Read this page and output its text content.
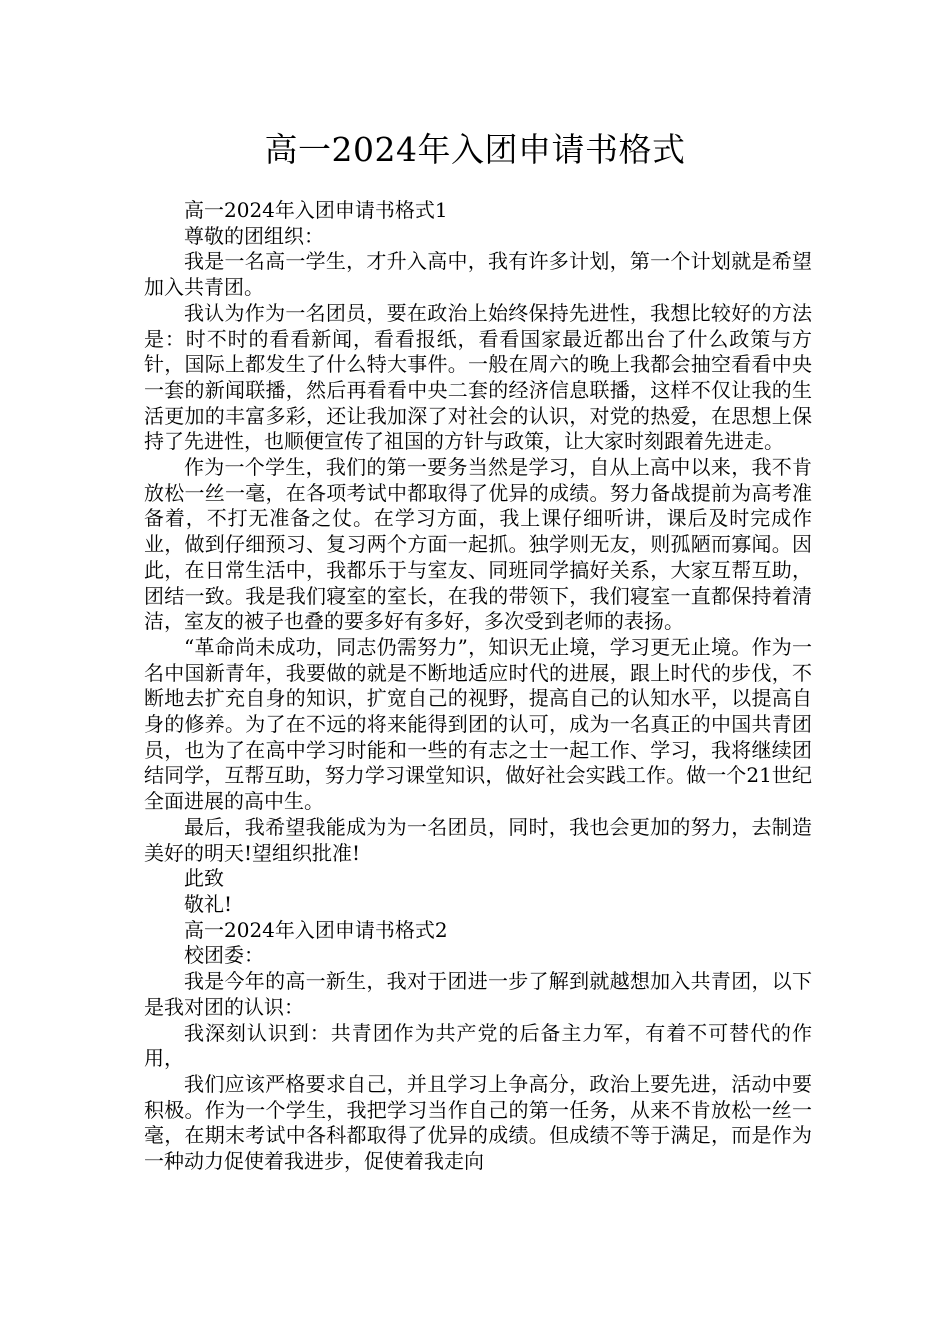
高一2024年入团申请书格式

高一2024年入团申请书格式1

尊敬的团组织：

我是一名高一学生，才升入高中，我有许多计划，第一个计划就是希望加入共青团。

我认为作为一名团员，要在政治上始终保持先进性，我想比较好的方法是：时不时的看看新闻，看看报纸，看看国家最近都出台了什么政策与方针，国际上都发生了什么特大事件。一般在周六的晚上我都会抽空看看中央一套的新闻联播，然后再看看中央二套的经济信息联播，这样不仅让我的生活更加的丰富多彩，还让我加深了对社会的认识，对党的热爱，在思想上保持了先进性，也顺便宣传了祖国的方针与政策，让大家时刻跟着先进走。

作为一个学生，我们的第一要务当然是学习，自从上高中以来，我不肯放松一丝一毫，在各项考试中都取得了优异的成绩。努力备战提前为高考准备着，不打无准备之仗。在学习方面，我上课仔细听讲，课后及时完成作业，做到仔细预习、复习两个方面一起抓。独学则无友，则孤陋而寡闻。因此，在日常生活中，我都乐于与室友、同班同学搞好关系，大家互帮互助，团结一致。我是我们寝室的室长，在我的带领下，我们寝室一直都保持着清洁，室友的被子也叠的要多好有多好，多次受到老师的表扬。

“革命尚未成功，同志仍需努力”，知识无止境，学习更无止境。作为一名中国新青年，我要做的就是不断地适应时代的进展，跟上时代的步伐，不断地去扩充自身的知识，扩宽自己的视野，提高自己的认知水平，以提高自身的修养。为了在不远的将来能得到团的认可，成为一名真正的中国共青团员，也为了在高中学习时能和一些的有志之士一起工作、学习，我将继续团结同学，互帮互助，努力学习课堂知识，做好社会实践工作。做一个21世纪全面进展的高中生。

最后，我希望我能成为为一名团员，同时，我也会更加的努力，去制造美好的明天!望组织批准!

此致

敬礼!

高一2024年入团申请书格式2

校团委：

我是今年的高一新生，我对于团进一步了解到就越想加入共青团，以下是我对团的认识：

我深刻认识到：共青团作为共产党的后备主力军，有着不可替代的作用，

我们应该严格要求自己，并且学习上争高分，政治上要先进，活动中要积极。作为一个学生，我把学习当作自己的第一任务，从来不肯放松一丝一毫，在期末考试中各科都取得了优异的成绩。但成绩不等于满足，而是作为一种动力促使着我进步，促使着我走向
